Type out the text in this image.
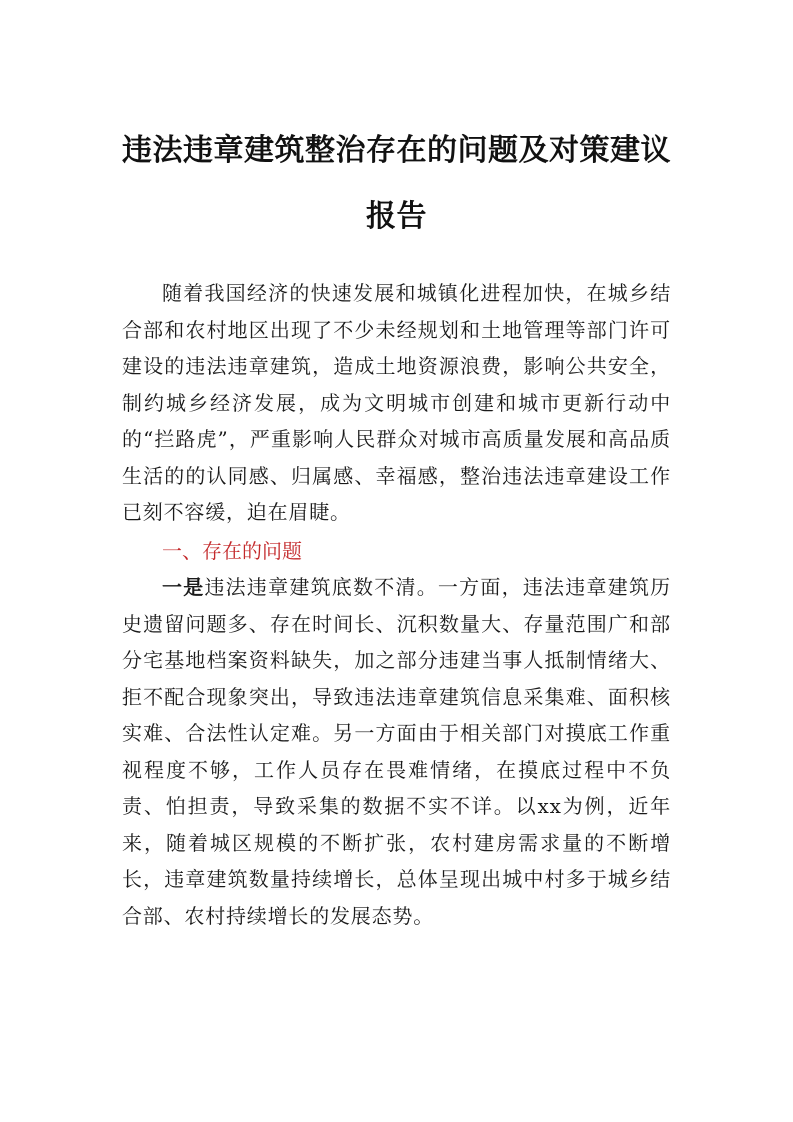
违法违章建筑整治存在的问题及对策建议报告

随着我国经济的快速发展和城镇化进程加快，在城乡结合部和农村地区出现了不少未经规划和土地管理等部门许可建设的违法违章建筑，造成土地资源浪费，影响公共安全，制约城乡经济发展，成为文明城市创建和城市更新行动中的“拦路虎”，严重影响人民群众对城市高质量发展和高品质生活的的认同感、归属感、幸福感，整治违法违章建设工作已刻不容缓，迫在眉睫。

一、存在的问题

一是违法违章建筑底数不清。一方面，违法违章建筑历史遗留问题多、存在时间长、沉积数量大、存量范围广和部分宅基地档案资料缺失，加之部分违建当事人抵制情绪大、拒不配合现象突出，导致违法违章建筑信息采集难、面积核实难、合法性认定难。另一方面由于相关部门对摸底工作重视程度不够，工作人员存在畏难情绪，在摸底过程中不负责、怕担责，导致采集的数据不实不详。以xx为例，近年来，随着城区规模的不断扩张，农村建房需求量的不断增长，违章建筑数量持续增长，总体呈现出城中村多于城乡结合部、农村持续增长的发展态势。
